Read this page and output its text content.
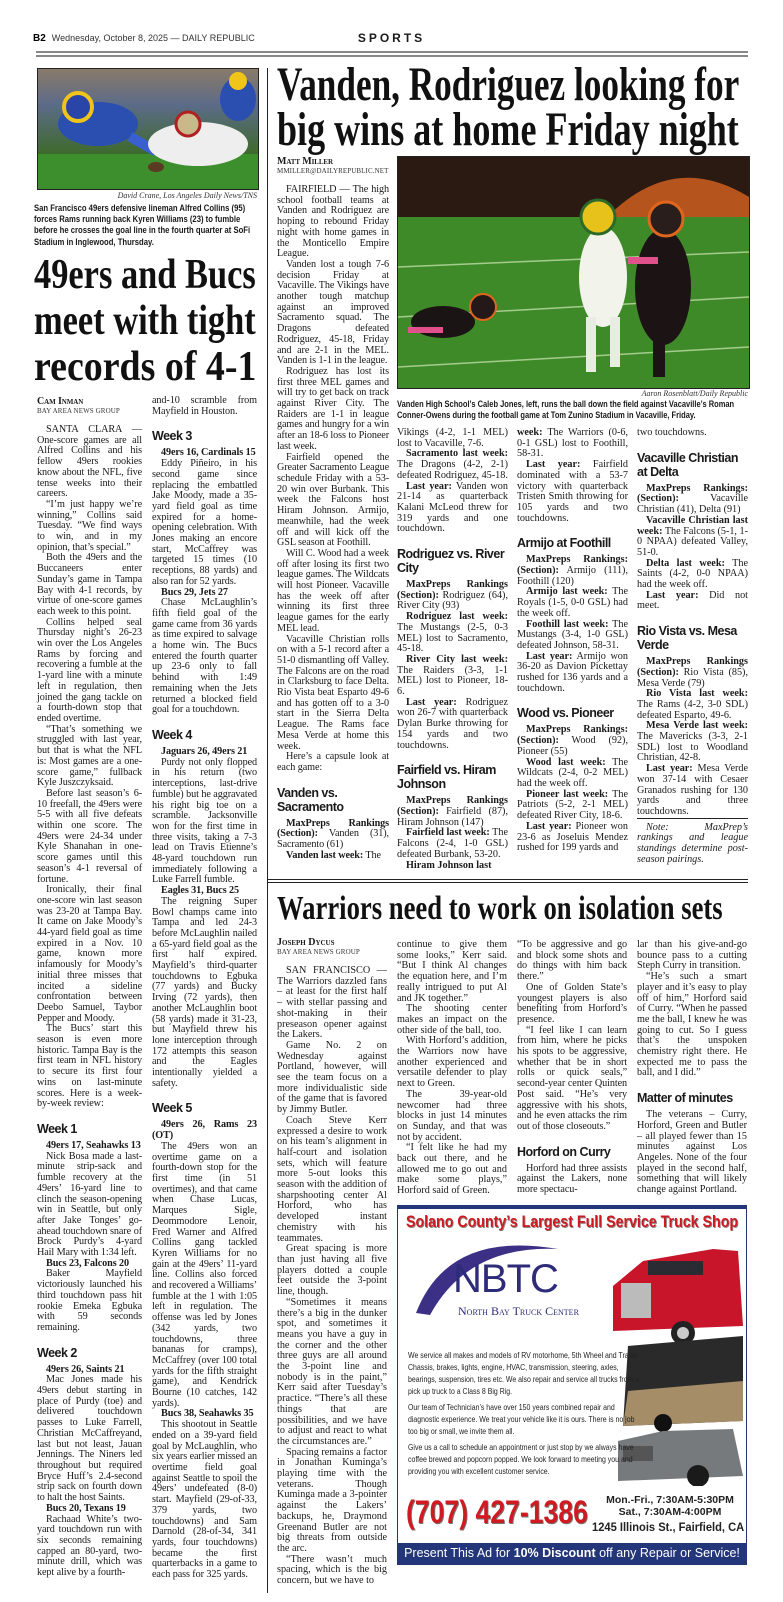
B2 Wednesday, October 8, 2025 — DAILY REPUBLIC	SPORTS
David Crane, Los Angeles Daily News/TNS
San Francisco 49ers defensive lineman Alfred Collins (95) forces Rams running back Kyren Williams (23) to fumble before he crosses the goal line in the fourth quarter at SoFi Stadium in Inglewood, Thursday.
49ers and Bucs
meet with tight
records of 4-1
Cam Inman
BAY AREA NEWS GROUP

SANTA CLARA — One-score games are all Alfred Collins and his fellow 49ers rookies know about the NFL, five tense weeks into their careers.

“I’m just happy we’re winning,” Collins said Tuesday. “We find ways to win, and in my opinion, that’s special.”

Both the 49ers and the Buccaneers enter Sunday’s game in Tampa Bay with 4-1 records, by virtue of one-score games each week to this point.

Collins helped seal Thursday night’s 26-23 win over the Los Angeles Rams by forcing and recovering a fumble at the 1-yard line with a minute left in regulation, then joined the gang tackle on a fourth-down stop that ended overtime.

“That’s something we struggled with last year, but that is what the NFL is: Most games are a one-score game,” fullback Kyle Juszczyksaid.

Before last season’s 6-10 freefall, the 49ers were 5-5 with all five defeats within one score. The 49ers were 24-34 under Kyle Shanahan in one-score games until this season’s 4-1 reversal of fortune.

Ironically, their final one-score win last season was 23-20 at Tampa Bay. It came on Jake Moody’s 44-yard field goal as time expired in a Nov. 10 game, known more infamously for Moody’s initial three misses that incited a sideline confrontation between Deebo Samuel, Taybor Pepper and Moody.

The Bucs’ start this season is even more historic. Tampa Bay is the first team in NFL history to secure its first four wins on last-minute scores. Here is a week-by-week review:

Week 1

49ers 17, Seahawks 13

Nick Bosa made a last-minute strip-sack and fumble recovery at the 49ers’ 16-yard line to clinch the season-opening win in Seattle, but only after Jake Tonges’ go-ahead touchdown snare of Brock Purdy’s 4-yard Hail Mary with 1:34 left.

Bucs 23, Falcons 20

Baker Mayfield victoriously launched his third touchdown pass hit rookie Emeka Egbuka with 59 seconds remaining.

Week 2

49ers 26, Saints 21

Mac Jones made his 49ers debut starting in place of Purdy (toe) and delivered touchdown passes to Luke Farrell, Christian McCaffreyand, last but not least, Jauan Jennings. The Niners led throughout but required Bryce Huff’s 2.4-second strip sack on fourth down to halt the host Saints.

Bucs 20, Texans 19

Rachaad White’s two-yard touchdown run with six seconds remaining capped an 80-yard, two-minute drill, which was kept alive by a fourth-

and-10 scramble from Mayfield in Houston.

Week 3

49ers 16, Cardinals 15

Eddy Piñeiro, in his second game since replacing the embattled Jake Moody, made a 35-yard field goal as time expired for a home-opening celebration. With Jones making an encore start, McCaffrey was targeted 15 times (10 receptions, 88 yards) and also ran for 52 yards.

Bucs 29, Jets 27

Chase McLaughlin’s fifth field goal of the game came from 36 yards as time expired to salvage a home win. The Bucs entered the fourth quarter up 23-6 only to fall behind with 1:49 remaining when the Jets returned a blocked field goal for a touchdown.

Week 4

Jaguars 26, 49ers 21

Purdy not only flopped in his return (two interceptions, last-drive fumble) but he aggravated his right big toe on a scramble. Jacksonville won for the first time in three visits, taking a 7-3 lead on Travis Etienne’s 48-yard touchdown run immediately following a Luke Farrell fumble.

Eagles 31, Bucs 25

The reigning Super Bowl champs came into Tampa and led 24-3 before McLaughlin nailed a 65-yard field goal as the first half expired. Mayfield’s third-quarter touchdowns to Egbuka (77 yards) and Bucky Irving (72 yards), then another McLaughlin boot (58 yards) made it 31-23, but Mayfield threw his lone interception through 172 attempts this season and the Eagles intentionally yielded a safety.

Week 5

49ers 26, Rams 23 (OT)

The 49ers won an overtime game on a fourth-down stop for the first time (in 51 overtimes), and that came when Chase Lucas, Marques Sigle, Deommodore Lenoir, Fred Warner and Alfred Collins gang tackled Kyren Williams for no gain at the 49ers’ 11-yard line. Collins also forced and recovered a Williams’ fumble at the 1 with 1:05 left in regulation. The offense was led by Jones (342 yards, two touchdowns, three bananas for cramps), McCaffrey (over 100 total yards for the fifth straight game), and Kendrick Bourne (10 catches, 142 yards).

Bucs 38, Seahawks 35

This shootout in Seattle ended on a 39-yard field goal by McLaughlin, who six years earlier missed an overtime field goal against Seattle to spoil the 49ers’ undefeated (8-0) start. Mayfield (29-of-33, 379 yards, two touchdowns) and Sam Darnold (28-of-34, 341 yards, four touchdowns) became the first quarterbacks in a game to each pass for 325 yards.

Vanden, Rodriguez looking for
big wins at home Friday night
Aaron Rosenblatt/Daily Republic
Vanden High School’s Caleb Jones, left, runs the ball down the field against Vacaville’s Roman Conner-Owens during the football game at Tom Zunino Stadium in Vacaville, Friday.
Matt Miller
MMILLER@DAILYREPUBLIC.NET

FAIRFIELD — The high school football teams at Vanden and Rodriguez are hoping to rebound Friday night with home games in the Monticello Empire League.

Vanden lost a tough 7-6 decision Friday at Vacaville. The Vikings have another tough matchup against an improved Sacramento squad. The Dragons defeated Rodriguez, 45-18, Friday and are 2-1 in the MEL. Vanden is 1-1 in the league.

Rodriguez has lost its first three MEL games and will try to get back on track against River City. The Raiders are 1-1 in league games and hungry for a win after an 18-6 loss to Pioneer last week.

Fairfield opened the Greater Sacramento League schedule Friday with a 53-20 win over Burbank. This week the Falcons host Hiram Johnson. Armijo, meanwhile, had the week off and will kick off the GSL season at Foothill.

Will C. Wood had a week off after losing its first two league games. The Wildcats will host Pioneer. Vacaville has the week off after winning its first three league games for the early MEL lead.

Vacaville Christian rolls on with a 5-1 record after a 51-0 dismantling off Valley. The Falcons are on the road in Clarksburg to face Delta. Rio Vista beat Esparto 49-6 and has gotten off to a 3-0 start in the Sierra Delta League. The Rams face Mesa Verde at home this week.

Here’s a capsule look at each game:

Vanden vs. Sacramento

MaxPreps Rankings (Section): Vanden (31), Sacramento (61)

Vanden last week: The

Vikings (4-2, 1-1 MEL) lost to Vacaville, 7-6.

Sacramento last week: The Dragons (4-2, 2-1) defeated Rodriguez, 45-18.

Last year: Vanden won 21-14 as quarterback Kalani McLeod threw for 319 yards and one touchdown.

Rodriguez vs. River City

MaxPreps Rankings (Section): Rodriguez (64), River City (93)

Rodriguez last week: The Mustangs (2-5, 0-3 MEL) lost to Sacramento, 45-18.

River City last week: The Raiders (3-3, 1-1 MEL) lost to Pioneer, 18-6.

Last year: Rodriguez won 26-7 with quarterback Dylan Burke throwing for 154 yards and two touchdowns.

Fairfield vs. Hiram Johnson

MaxPreps Rankings (Section): Fairfield (87), Hiram Johnson (147)

Fairfield last week: The Falcons (2-4, 1-0 GSL) defeated Burbank, 53-20.

Hiram Johnson last

week: The Warriors (0-6, 0-1 GSL) lost to Foothill, 58-31.

Last year: Fairfield dominated with a 53-7 victory with quarterback Tristen Smith throwing for 105 yards and two touchdowns.

Armijo at Foothill

MaxPreps Rankings: (Section): Armijo (111), Foothill (120)

Armijo last week: The Royals (1-5, 0-0 GSL) had the week off.

Foothill last week: The Mustangs (3-4, 1-0 GSL) defeated Johnson, 58-31.

Last year: Armijo won 36-20 as Davion Pickettay rushed for 136 yards and a touchdown.

Wood vs. Pioneer

MaxPreps Rankings: (Section): Wood (92), Pioneer (55)

Wood last week: The Wildcats (2-4, 0-2 MEL) had the week off.

Pioneer last week: The Patriots (5-2, 2-1 MEL) defeated River City, 18-6.

Last year: Pioneer won 23-6 as Joseluis Mendez rushed for 199 yards and

two touchdowns.

Vacaville Christian at Delta

MaxPreps Rankings: (Section): Vacaville Christian (41), Delta (91)

Vacaville Christian last week: The Falcons (5-1, 1-0 NPAA) defeated Valley, 51-0.

Delta last week: The Saints (4-2, 0-0 NPAA) had the week off.

Last year: Did not meet.

Rio Vista vs. Mesa Verde

MaxPreps Rankings (Section): Rio Vista (85), Mesa Verde (79)

Rio Vista last week: The Rams (4-2, 3-0 SDL) defeated Esparto, 49-6.

Mesa Verde last week: The Mavericks (3-3, 2-1 SDL) lost to Woodland Christian, 42-8.

Last year: Mesa Verde won 37-14 with Cesaer Granados rushing for 130 yards and three touchdowns.

Note: MaxPrep’s rankings and league standings determine post-season pairings.

Warriors need to work on isolation sets
Joseph Dycus
BAY AREA NEWS GROUP

SAN FRANCISCO — The Warriors dazzled fans – at least for the first half – with stellar passing and shot-making in their preseason opener against the Lakers.

Game No. 2 on Wednesday against Portland, however, will see the team focus on a more individualistic side of the game that is favored by Jimmy Butler.

Coach Steve Kerr expressed a desire to work on his team’s alignment in half-court and isolation sets, which will feature more 5-out looks this season with the addition of sharpshooting center Al Horford, who has developed instant chemistry with his teammates.

Great spacing is more than just having all five players dotted a couple feet outside the 3-point line, though.

“Sometimes it means there’s a big in the dunker spot, and sometimes it means you have a guy in the corner and the other three guys are all around the 3-point line and nobody is in the paint,” Kerr said after Tuesday’s practice. “There’s all these things that are possibilities, and we have to adjust and react to what the circumstances are.”

Spacing remains a factor in Jonathan Kuminga’s playing time with the veterans. Though Kuminga made a 3-pointer against the Lakers’ backups, he, Draymond Greenand Butler are not big threats from outside the arc.

“There wasn’t much spacing, which is the big concern, but we have to

continue to give them some looks,” Kerr said. “But I think Al changes the equation here, and I’m really intrigued to put Al and JK together.”

The shooting center makes an impact on the other side of the ball, too.

With Horford’s addition, the Warriors now have another experienced and versatile defender to play next to Green.

The 39-year-old newcomer had three blocks in just 14 minutes on Sunday, and that was not by accident.

“I felt like he had my back out there, and he allowed me to go out and make some plays,” Horford said of Green.

“To be aggressive and go and block some shots and do things with him back there.”

One of Golden State’s youngest players is also benefiting from Horford’s presence.

“I feel like I can learn from him, where he picks his spots to be aggressive, whether that be in short rolls or quick seals,” second-year center Quinten Post said. “He’s very aggressive with his shots, and he even attacks the rim out of those closeouts.”

Horford on Curry

Horford had three assists against the Lakers, none more spectacu-

lar than his give-and-go bounce pass to a cutting Steph Curry in transition.

“He’s such a smart player and it’s easy to play off of him,” Horford said of Curry. “When he passed me the ball, I knew he was going to cut. So I guess that’s the unspoken chemistry right there. He expected me to pass the ball, and I did.”

Matter of minutes

The veterans – Curry, Horford, Green and Butler – all played fewer than 15 minutes against Los Angeles. None of the four played in the second half, something that will likely change against Portland.

Solano County’s Largest Full Service Truck Shop
NBTC
North Bay Truck Center

We service all makes and models of RV motorhome, 5th Wheel and Trailer Chassis, brakes, lights, engine, HVAC, transmission, steering, axles, bearings, suspension, tires etc. We also repair and service all trucks from a pick up truck to a Class 8 Big Rig.

Our team of Technician’s have over 150 years combined repair and diagnostic experience. We treat your vehicle like it is ours. There is no job too big or small, we invite them all.

Give us a call to schedule an appointment or just stop by we always have coffee brewed and popcorn popped. We look forward to meeting you and providing you with excellent customer service.

(707) 427-1386	Mon.-Fri., 7:30AM-5:30PM
Sat., 7:30AM-4:00PM
1245 Illinois St., Fairfield, CA
Present This Ad for 10% Discount off any Repair or Service!
